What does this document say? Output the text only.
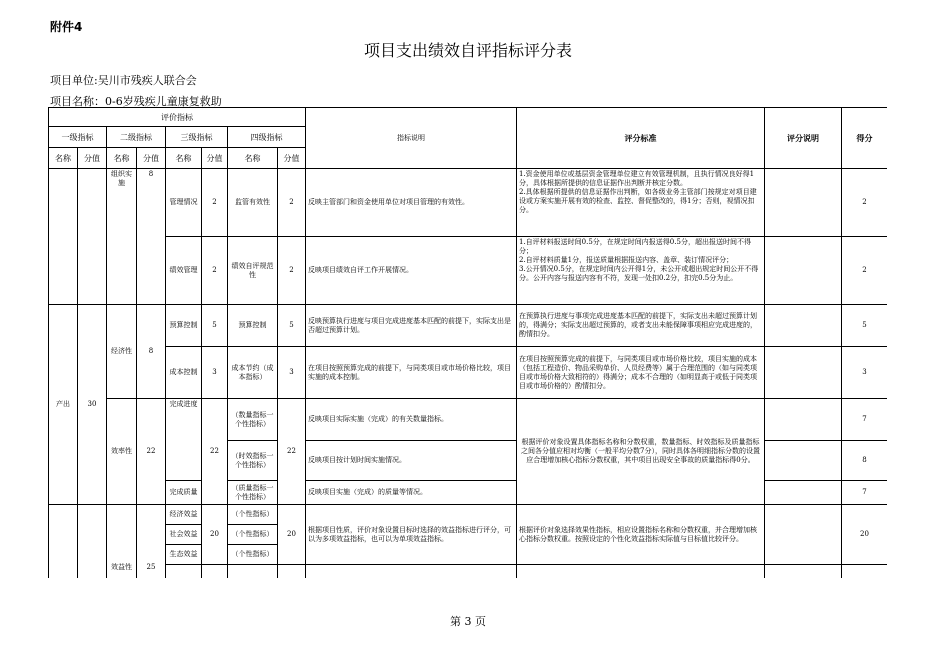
附件4
项目支出绩效自评指标评分表
项目单位:吴川市残疾人联合会
项目名称：0-6岁残疾儿童康复救助
评价指标								指标说明	评分标准	评分说明	得分
一级指标		二级指标		三级指标		四级指标					
名称	分值	名称	分值	名称	分值	名称	分值				
		组织实施	8	管理情况	2	监管有效性	2	反映主管部门和资金使用单位对项目管理的有效性。	1.资金使用单位或基层资金管理单位建立有效管理机制，且执行情况良好得1分，具体根据所提供的信息证据作出判断并核定分数。
2.具体根据所提供的信息证据作出判断，如各级业务主管部门按规定对项目建设或方案实施开展有效的检查、监控、督促整改的，得1分；否则，视情况扣分。		2
				绩效管理	2	绩效自评规范性	2	反映项目绩效自评工作开展情况。	1.自评材料报送时间0.5分，在规定时间内报送得0.5分，超出报送时间不得分；
2.自评材料质量1分，报送质量根据报送内容、盖章、装订情况评分；
3.公开情况0.5分，在规定时间内公开得1分，未公开或超出规定时间公开不得分。公开内容与报送内容有不符，发现一处扣0.2分，扣完0.5分为止。		2
产出	30	经济性	8	预算控制	5	预算控制	5	反映预算执行进度与项目完成进度基本匹配的前提下，实际支出是否超过预算计划。	在预算执行进度与事项完成进度基本匹配的前提下，实际支出未超过预算计划的，得满分；实际支出超过预算的，或者支出未能保障事项相应完成进度的，酌情扣分。		5
				成本控制	3	成本节约（成本指标）	3	在项目按照预算完成的前提下，与同类项目或市场价格比较，项目实施的成本控制。	在项目按照预算完成的前提下，与同类项目或市场价格比较，项目实施的成本（包括工程造价、物品采购单价、人员经费等）属于合理范围的（如与同类项目或市场价格大致相符的）得满分；成本不合理的（如明显高于或低于同类项目或市场价格的）酌情扣分。		3
		效率性	22	完成进度	22	（数量指标一个性指标）	22	反映项目实际实施（完成）的有关数量指标。	根据评价对象设置具体指标名称和分数权重，数量指标、时效指标及质量指标之间各分值应相对均衡（一般平均分数7分），同时具体各明细指标分数的设置应合理增加核心指标分数权重，其中项目出现安全事故的质量指标得0分。		7
						（时效指标一个性指标）		反映项目按计划时间实施情况。			8
				完成质量		（质量指标一个性指标）		反映项目实施（完成）的质量等情况。			7
		效益性	25	经济效益	20	（个性指标）	20	根据项目性质，评价对象设置目标时选择的效益指标进行评分，可以为多项效益指标，也可以为单项效益指标。	根据评价对象选择效果性指标，相应设置指标名称和分数权重，并合理增加核心指标分数权重。按照设定的个性化效益指标实际值与目标值比较评分。		20
				社会效益		（个性指标）					
				生态效益		（个性指标）					

第 3 页
